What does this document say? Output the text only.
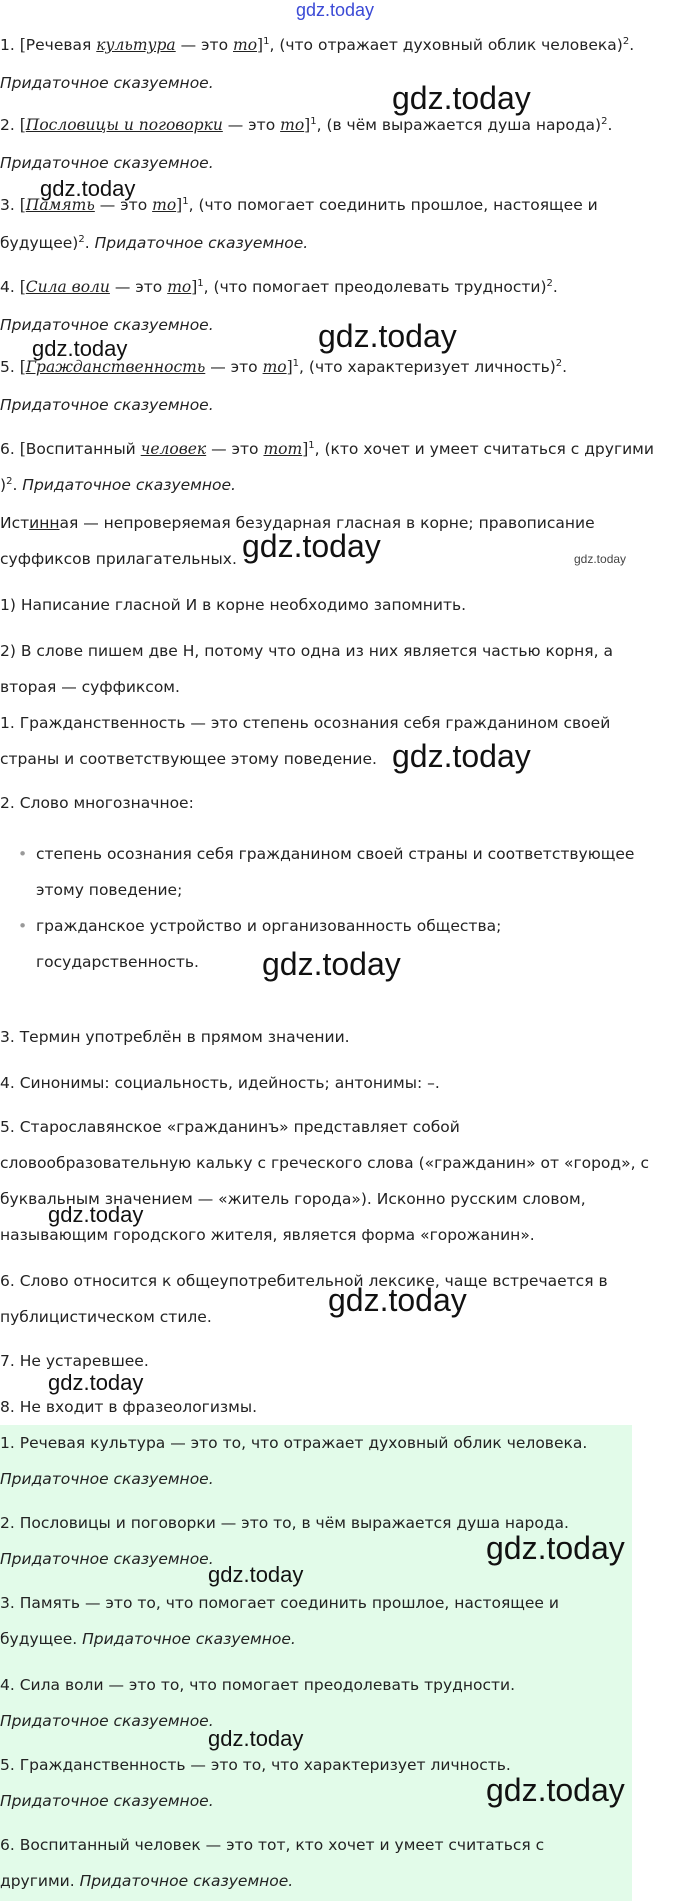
gdz.today
1. [Речевая культура — это то]$^1$, (что отражает духовный облик человека)$^2$.
Придаточное сказуемное.
2. [Пословицы и поговорки — это то]$^1$, (в чём выражается душа народа)$^2$.
Придаточное сказуемное.
3. [Память — это то]$^1$, (что помогает соединить прошлое, настоящее и
будущее)$^2$. Придаточное сказуемное.
4. [Сила воли — это то]$^1$, (что помогает преодолевать трудности)$^2$.
Придаточное сказуемное.
5. [Гражданственность — это то]$^1$, (что характеризует личность)$^2$.
Придаточное сказуемное.
6. [Воспитанный человек — это тот]$^1$, (кто хочет и умеет считаться с другими
)$^2$. Придаточное сказуемное.
Истинная — непроверяемая безударная гласная в корне; правописание
суффиксов прилагательных.
1) Написание гласной И в корне необходимо запомнить.
2) В слове пишем две Н, потому что одна из них является частью корня, а
вторая — суффиксом.
1. Гражданственность — это степень осознания себя гражданином своей
страны и соответствующее этому поведение.
2. Слово многозначное:
• степень осознания себя гражданином своей страны и соответствующее
этому поведение;
• гражданское устройство и организованность общества;
государственность.
3. Термин употреблён в прямом значении.
4. Синонимы: социальность, идейность; антонимы: –.
5. Старославянское «гражданинъ» представляет собой
словообразовательную кальку с греческого слова («гражданин» от «город», с
буквальным значением — «житель города»). Исконно русским словом,
называющим городского жителя, является форма «горожанин».
6. Слово относится к общеупотребительной лексике, чаще встречается в
публицистическом стиле.
7. Не устаревшее.
8. Не входит в фразеологизмы.
1. Речевая культура — это то, что отражает духовный облик человека.
Придаточное сказуемное.
2. Пословицы и поговорки — это то, в чём выражается душа народа.
Придаточное сказуемное.
3. Память — это то, что помогает соединить прошлое, настоящее и
будущее. Придаточное сказуемное.
4. Сила воли — это то, что помогает преодолевать трудности.
Придаточное сказуемное.
5. Гражданственность — это то, что характеризует личность.
Придаточное сказуемное.
6. Воспитанный человек — это тот, кто хочет и умеет считаться с
другими. Придаточное сказуемное.
gdz.today
gdz.today
gdz.today	gdz.today
gdz.today	gdz.today
gdz.today
gdz.today
gdz.today
gdz.today
gdz.today
gdz.today
gdz.today
gdz.today
gdz.today
